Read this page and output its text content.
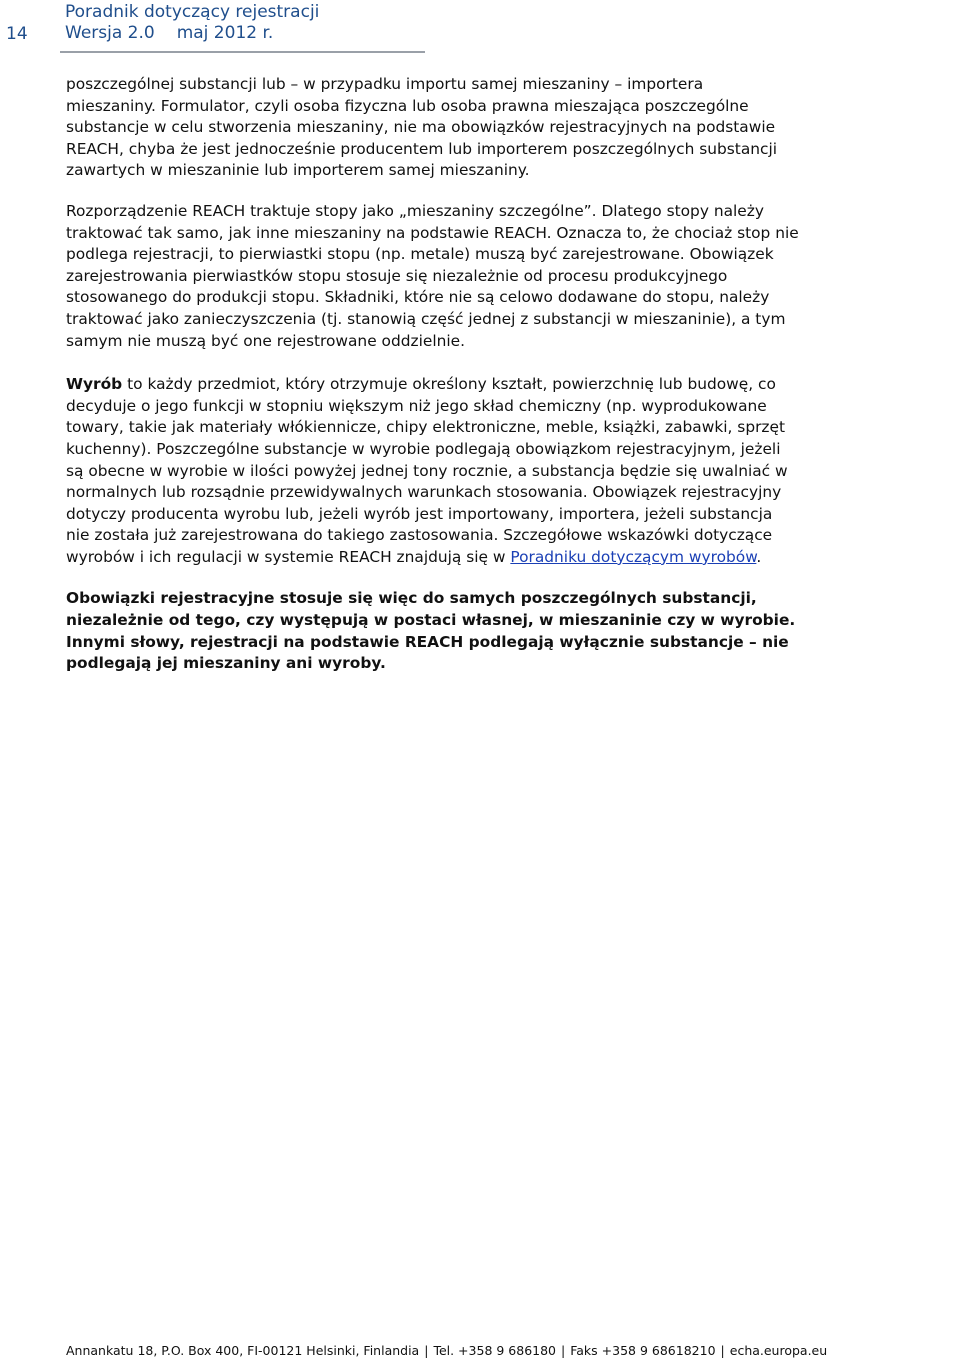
14
Poradnik dotyczący rejestracji
Wersja 2.0 maj 2012 r.

poszczególnej substancji lub – w przypadku importu samej mieszaniny – importera
mieszaniny. Formulator, czyli osoba fizyczna lub osoba prawna mieszająca poszczególne
substancje w celu stworzenia mieszaniny, nie ma obowiązków rejestracyjnych na podstawie
REACH, chyba że jest jednocześnie producentem lub importerem poszczególnych substancji
zawartych w mieszaninie lub importerem samej mieszaniny.

Rozporządzenie REACH traktuje stopy jako „mieszaniny szczególne”. Dlatego stopy należy
traktować tak samo, jak inne mieszaniny na podstawie REACH. Oznacza to, że chociaż stop nie
podlega rejestracji, to pierwiastki stopu (np. metale) muszą być zarejestrowane. Obowiązek
zarejestrowania pierwiastków stopu stosuje się niezależnie od procesu produkcyjnego
stosowanego do produkcji stopu. Składniki, które nie są celowo dodawane do stopu, należy
traktować jako zanieczyszczenia (tj. stanowią część jednej z substancji w mieszaninie), a tym
samym nie muszą być one rejestrowane oddzielnie.

Wyrób to każdy przedmiot, który otrzymuje określony kształt, powierzchnię lub budowę, co
decyduje o jego funkcji w stopniu większym niż jego skład chemiczny (np. wyprodukowane
towary, takie jak materiały włókiennicze, chipy elektroniczne, meble, książki, zabawki, sprzęt
kuchenny). Poszczególne substancje w wyrobie podlegają obowiązkom rejestracyjnym, jeżeli
są obecne w wyrobie w ilości powyżej jednej tony rocznie, a substancja będzie się uwalniać w
normalnych lub rozsądnie przewidywalnych warunkach stosowania. Obowiązek rejestracyjny
dotyczy producenta wyrobu lub, jeżeli wyrób jest importowany, importera, jeżeli substancja
nie została już zarejestrowana do takiego zastosowania. Szczegółowe wskazówki dotyczące
wyrobów i ich regulacji w systemie REACH znajdują się w Poradniku dotyczącym wyrobów.

Obowiązki rejestracyjne stosuje się więc do samych poszczególnych substancji,
niezależnie od tego, czy występują w postaci własnej, w mieszaninie czy w wyrobie.
Innymi słowy, rejestracji na podstawie REACH podlegają wyłącznie substancje – nie
podlegają jej mieszaniny ani wyroby.

Annankatu 18, P.O. Box 400, FI-00121 Helsinki, Finlandia | Tel. +358 9 686180 | Faks +358 9 68618210 | echa.europa.eu
